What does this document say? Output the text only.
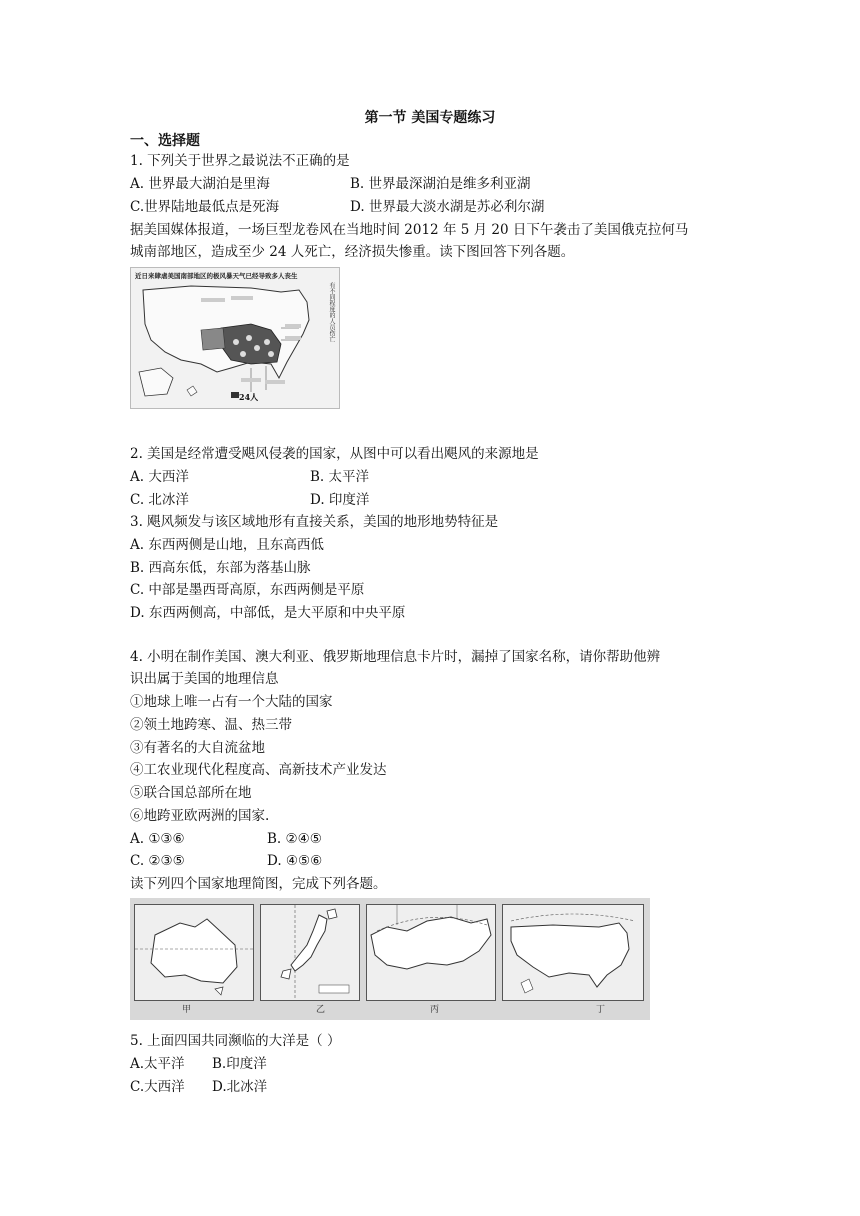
第一节 美国专题练习
一、选择题
1. 下列关于世界之最说法不正确的是
A. 世界最大湖泊是里海	B. 世界最深湖泊是维多利亚湖
C.世界陆地最低点是死海	D. 世界最大淡水湖是苏必利尔湖
据美国媒体报道，一场巨型龙卷风在当地时间 2012 年 5 月 20 日下午袭击了美国俄克拉何马
城南部地区，造成至少 24 人死亡，经济损失惨重。读下图回答下列各题。
近日来肆虐美国南部地区的极风暴天气已经导致多人丧生
有不同程度的人员伤亡
24人
2. 美国是经常遭受飓风侵袭的国家，从图中可以看出飓风的来源地是
A. 大西洋	B. 太平洋
C. 北冰洋	D. 印度洋
3. 飓风频发与该区域地形有直接关系，美国的地形地势特征是
A. 东西两侧是山地，且东高西低
B. 西高东低，东部为落基山脉
C. 中部是墨西哥高原，东西两侧是平原
D. 东西两侧高，中部低，是大平原和中央平原
4. 小明在制作美国、澳大利亚、俄罗斯地理信息卡片时，漏掉了国家名称，请你帮助他辨
识出属于美国的地理信息
①地球上唯一占有一个大陆的国家
②领土地跨寒、温、热三带
③有著名的大自流盆地
④工农业现代化程度高、高新技术产业发达
⑤联合国总部所在地
⑥地跨亚欧两洲的国家.
A. ①③⑥	B. ②④⑤
C. ②③⑤	D. ④⑤⑥
读下列四个国家地理简图，完成下列各题。
甲	乙	丙	丁
5. 上面四国共同濒临的大洋是（ ）
A.太平洋 B.印度洋
C.大西洋 D.北冰洋
